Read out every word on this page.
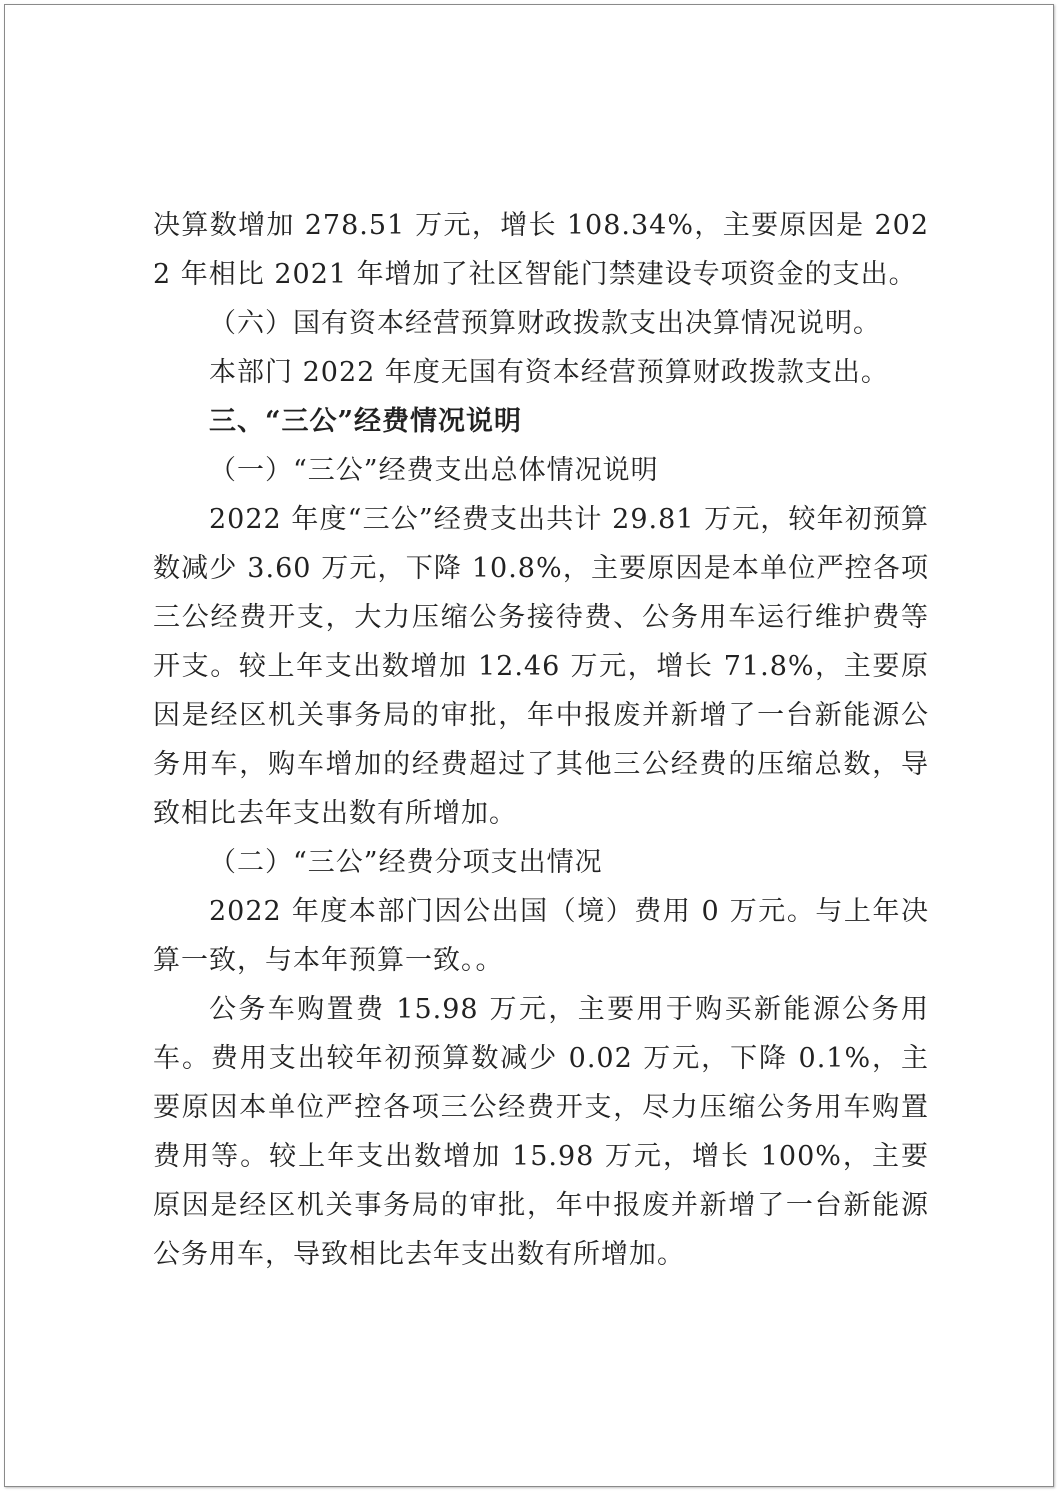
决算数增加 278.51 万元，增长 108.34%，主要原因是 2022 年相比 2021 年增加了社区智能门禁建设专项资金的支出。

（六）国有资本经营预算财政拨款支出决算情况说明。

本部门 2022 年度无国有资本经营预算财政拨款支出。

三、“三公”经费情况说明

（一）“三公”经费支出总体情况说明

2022 年度“三公”经费支出共计 29.81 万元，较年初预算数减少 3.60 万元，下降 10.8%，主要原因是本单位严控各项三公经费开支，大力压缩公务接待费、公务用车运行维护费等开支。较上年支出数增加 12.46 万元，增长 71.8%，主要原因是经区机关事务局的审批，年中报废并新增了一台新能源公务用车，购车增加的经费超过了其他三公经费的压缩总数，导致相比去年支出数有所增加。

（二）“三公”经费分项支出情况

2022 年度本部门因公出国（境）费用 0 万元。与上年决算一致，与本年预算一致。。

公务车购置费 15.98 万元，主要用于购买新能源公务用车。费用支出较年初预算数减少 0.02 万元，下降 0.1%，主要原因本单位严控各项三公经费开支，尽力压缩公务用车购置费用等。较上年支出数增加 15.98 万元，增长 100%，主要原因是经区机关事务局的审批，年中报废并新增了一台新能源公务用车，导致相比去年支出数有所增加。
